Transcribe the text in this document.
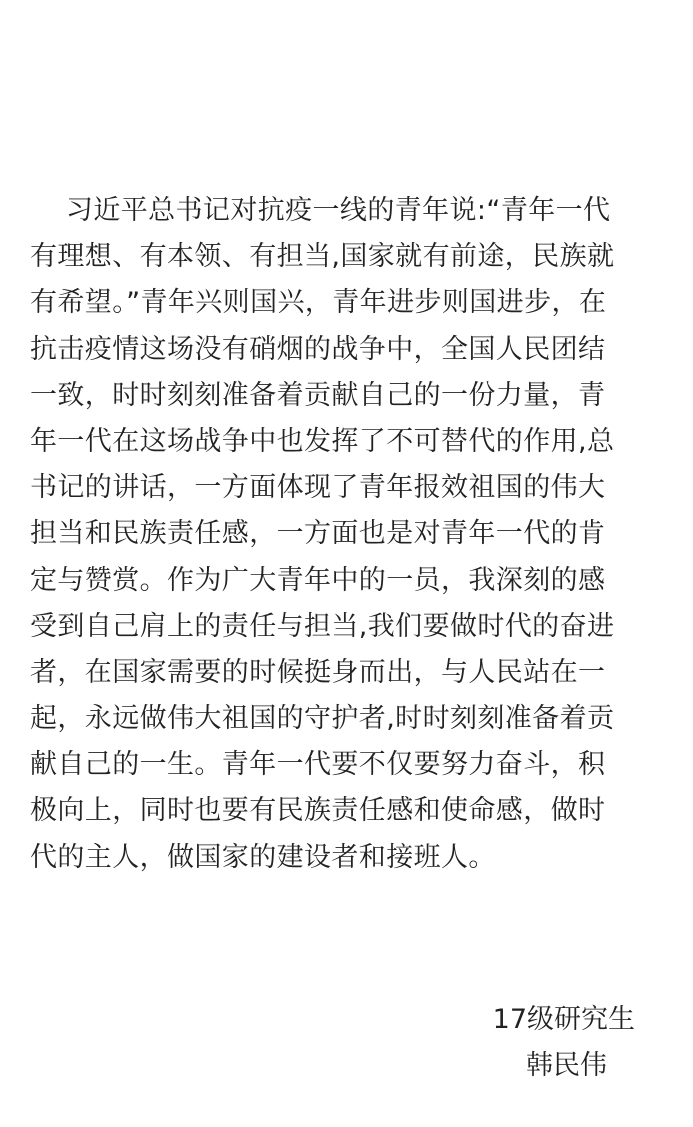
习近平总书记对抗疫一线的青年说:“青年一代
有理想、有本领、有担当,国家就有前途，民族就
有希望。”青年兴则国兴，青年进步则国进步，在
抗击疫情这场没有硝烟的战争中，全国人民团结
一致，时时刻刻准备着贡献自己的一份力量，青
年一代在这场战争中也发挥了不可替代的作用,总
书记的讲话，一方面体现了青年报效祖国的伟大
担当和民族责任感，一方面也是对青年一代的肯
定与赞赏。作为广大青年中的一员，我深刻的感
受到自己肩上的责任与担当,我们要做时代的奋进
者，在国家需要的时候挺身而出，与人民站在一
起，永远做伟大祖国的守护者,时时刻刻准备着贡
献自己的一生。青年一代要不仅要努力奋斗，积
极向上，同时也要有民族责任感和使命感，做时
代的主人，做国家的建设者和接班人。
17级研究生
韩民伟
